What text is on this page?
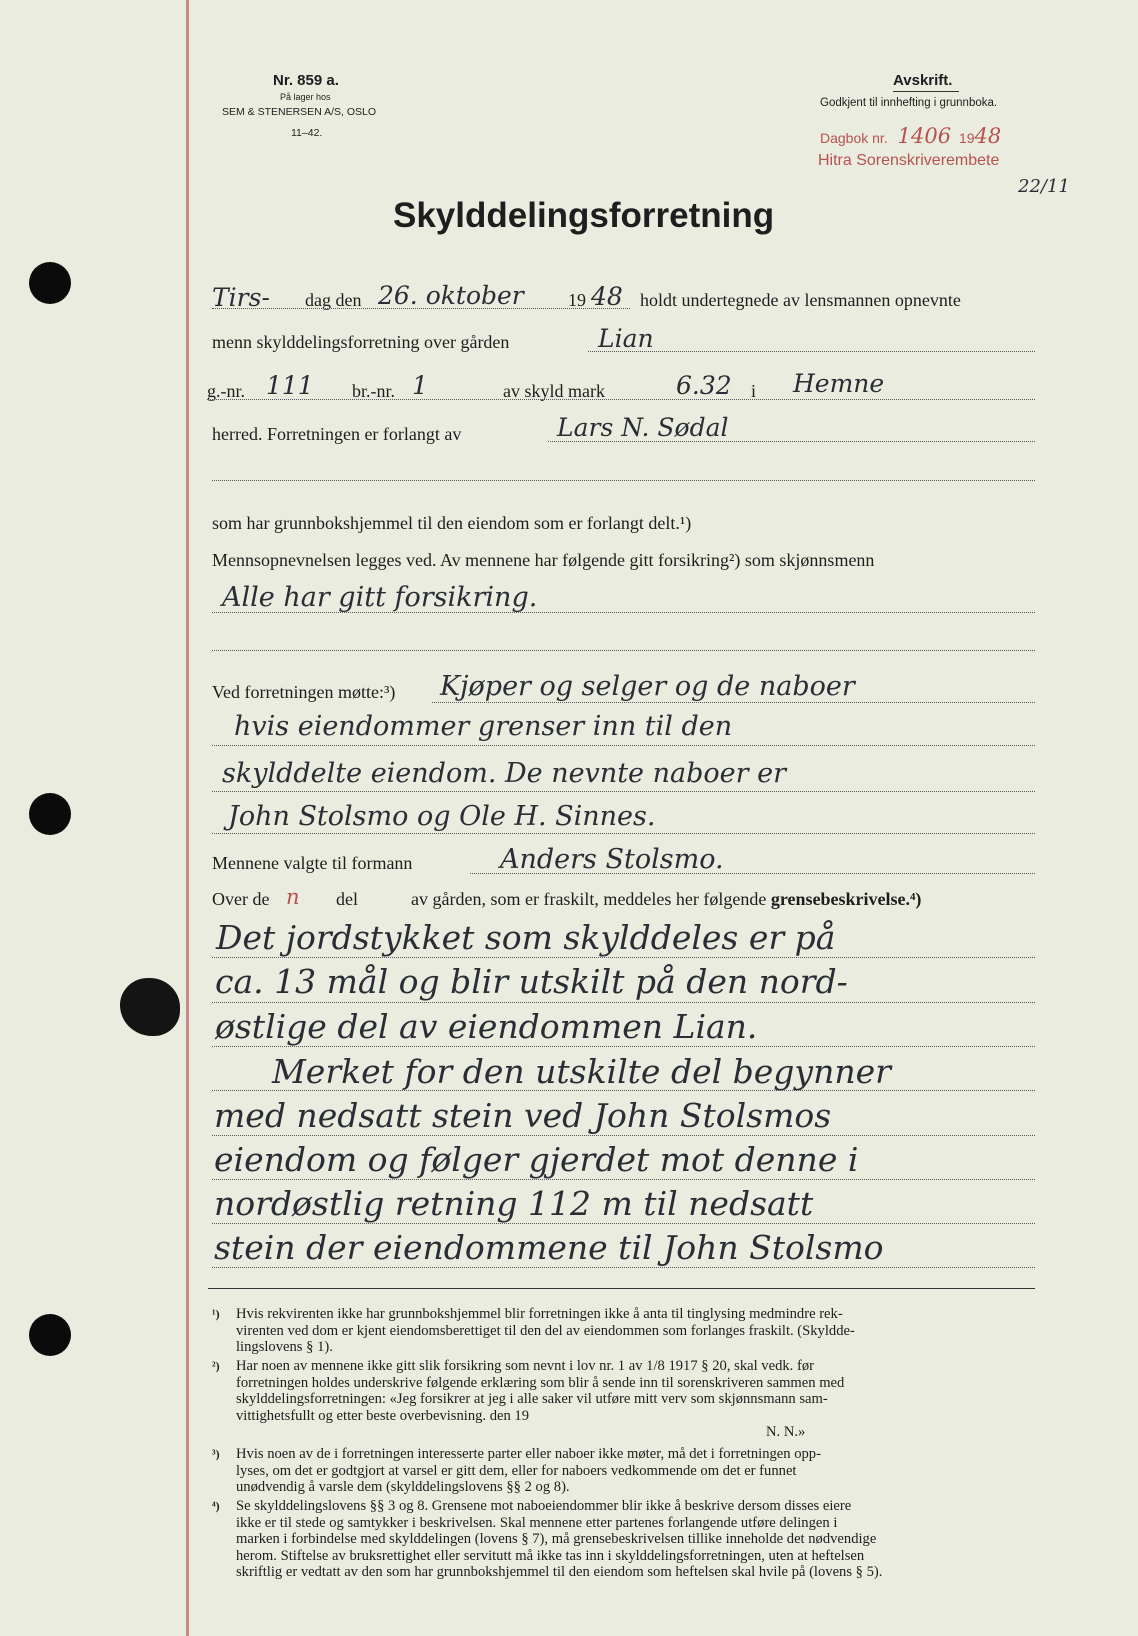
Nr. 859 a.
På lager hos
SEM & STENERSEN A/S, OSLO
11–42.
Avskrift.
Godkjent til innhefting i grunnboka.
Dagbok nr. 1406 1948
Hitra Sorenskriverembete
22/11
Skylddelingsforretning
Tirs- dag den 26. oktober 19 48 holdt undertegnede av lensmannen opnevnte
menn skylddelingsforretning over gården	Lian
g.-nr. 111 br.-nr. 1	av skyld mark	6.32 i Hemne
herred. Forretningen er forlangt av	Lars N. Sødal
som har grunnbokshjemmel til den eiendom som er forlangt delt.¹)
Mennsopnevnelsen legges ved. Av mennene har følgende gitt forsikring²) som skjønnsmenn
Alle har gitt forsikring.
Ved forretningen møtte:³) Kjøper og selger og de naboer
hvis eiendommer grenser inn til den
skylddelte eiendom. De nevnte naboer er
John Stolsmo og Ole H. Sinnes.
Mennene valgte til formann	Anders Stolsmo.
Over de n del	av gården, som er fraskilt, meddeles her følgende grensebeskrivelse.⁴)
Det jordstykket som skylddeles er på
ca. 13 mål og blir utskilt på den nord-
østlige del av eiendommen Lian.
Merket for den utskilte del begynner
med nedsatt stein ved John Stolsmos
eiendom og følger gjerdet mot denne i
nordøstlig retning 112 m til nedsatt
stein der eiendommene til John Stolsmo
¹) Hvis rekvirenten ikke har grunnbokshjemmel blir forretningen ikke å anta til tinglysing medmindre rek-

virenten ved dom er kjent eiendomsberettiget til den del av eiendommen som forlanges fraskilt. (Skyldde-

lingslovens § 1).

²) Har noen av mennene ikke gitt slik forsikring som nevnt i lov nr. 1 av 1/8 1917 § 20, skal vedk. før

forretningen holdes underskrive følgende erklæring som blir å sende inn til sorenskriveren sammen med

skylddelingsforretningen: «Jeg forsikrer at jeg i alle saker vil utføre mitt verv som skjønnsmann sam-

vittighetsfullt og etter beste overbevisning. den 19

N. N.»

³) Hvis noen av de i forretningen interesserte parter eller naboer ikke møter, må det i forretningen opp-

lyses, om det er godtgjort at varsel er gitt dem, eller for naboers vedkommende om det er funnet

unødvendig å varsle dem (skylddelingslovens §§ 2 og 8).

⁴) Se skylddelingslovens §§ 3 og 8. Grensene mot naboeiendommer blir ikke å beskrive dersom disses eiere

ikke er til stede og samtykker i beskrivelsen. Skal mennene etter partenes forlangende utføre delingen i

marken i forbindelse med skylddelingen (lovens § 7), må grensebeskrivelsen tillike inneholde det nødvendige

herom. Stiftelse av bruksrettighet eller servitutt må ikke tas inn i skylddelingsforretningen, uten at heftelsen

skriftlig er vedtatt av den som har grunnbokshjemmel til den eiendom som heftelsen skal hvile på (lovens § 5).
